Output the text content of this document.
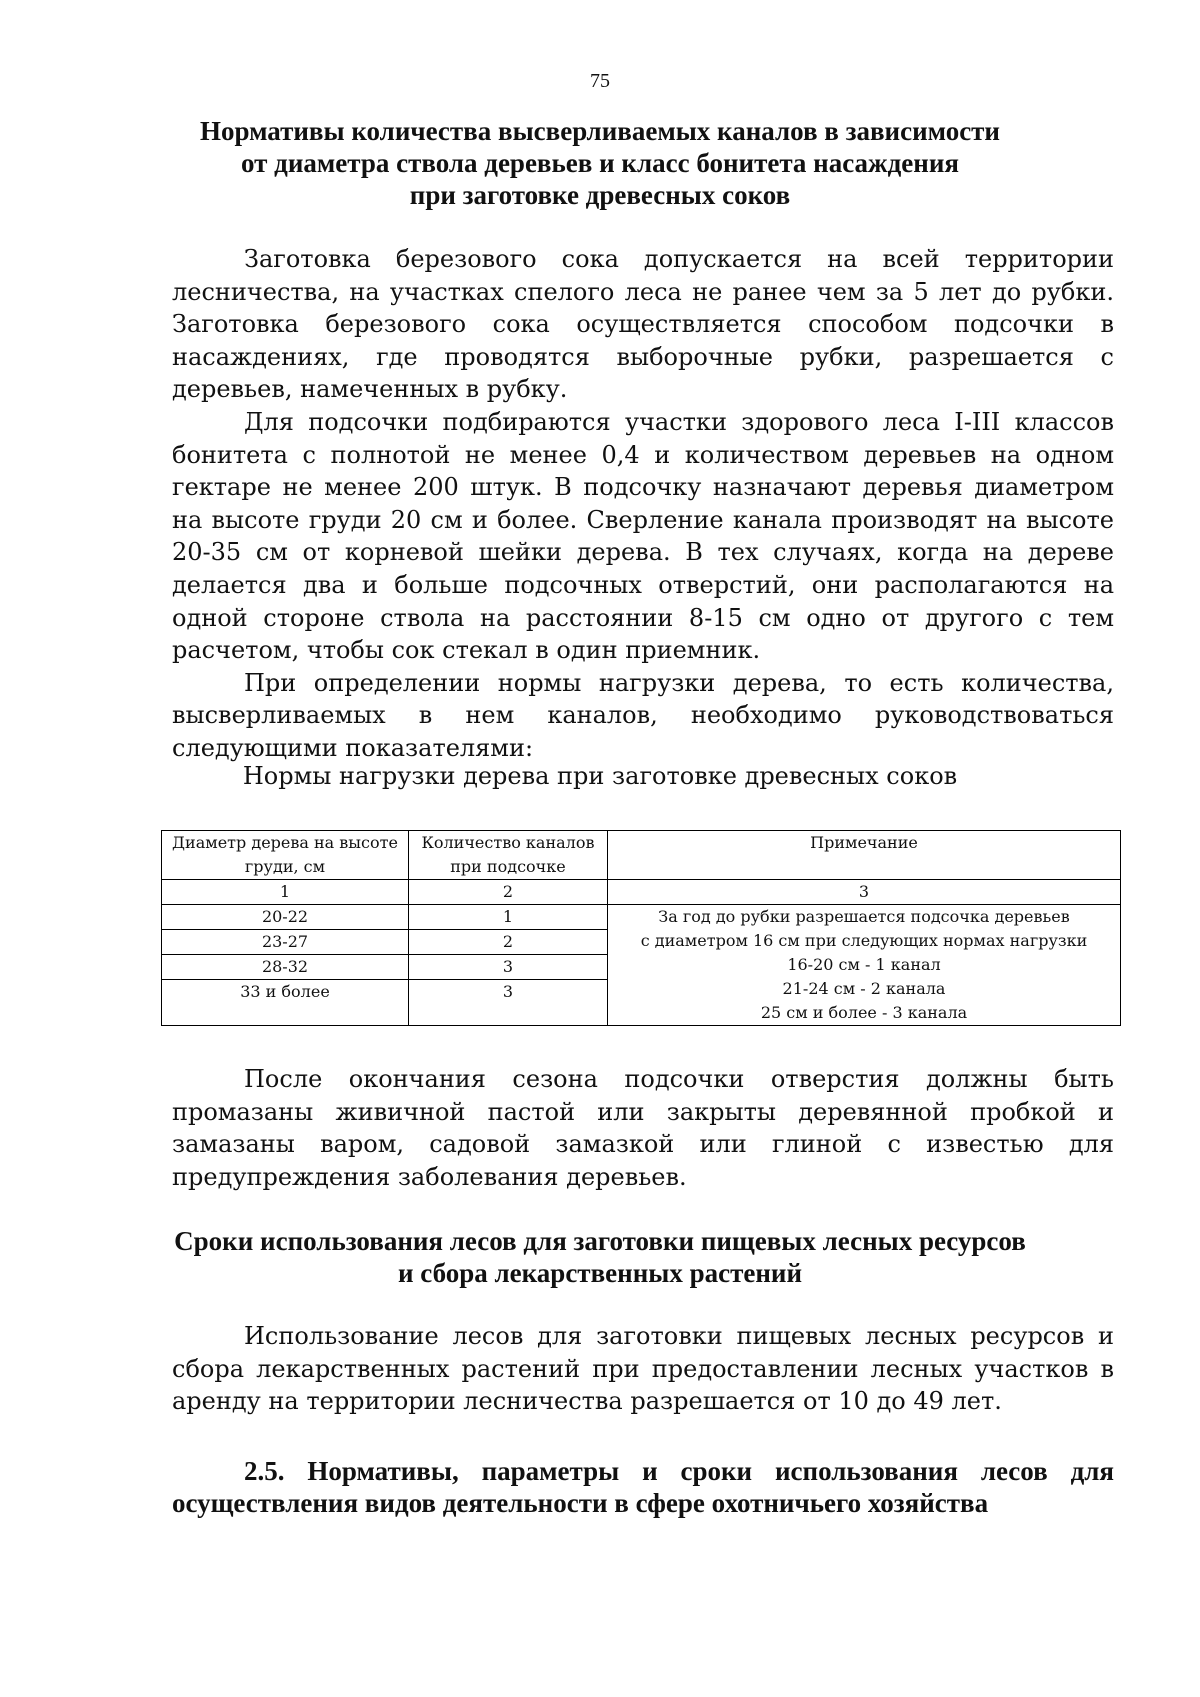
75
Нормативы количества высверливаемых каналов в зависимости
от диаметра ствола деревьев и класс бонитета насаждения
при заготовке древесных соков

Заготовка березового сока допускается на всей территории лесничества, на участках спелого леса не ранее чем за 5 лет до рубки. Заготовка березового сока осуществляется способом подсочки в насаждениях, где проводятся выборочные рубки, разрешается с деревьев, намеченных в рубку.

Для подсочки подбираются участки здорового леса I-III классов бонитета с полнотой не менее 0,4 и количеством деревьев на одном гектаре не менее 200 штук. В подсочку назначают деревья диаметром на высоте груди 20 см и более. Сверление канала производят на высоте 20-35 см от корневой шейки дерева. В тех случаях, когда на дереве делается два и больше подсочных отверстий, они располагаются на одной стороне ствола на расстоянии 8-15 см одно от другого с тем расчетом, чтобы сок стекал в один приемник.

При определении нормы нагрузки дерева, то есть количества, высверливаемых в нем каналов, необходимо руководствоваться следующими показателями:

Нормы нагрузки дерева при заготовке древесных соков
Диаметр дерева на высоте груди, см	Количество каналов при подсочке	Примечание
1	2	3
20-22	1	За год до рубки разрешается подсочка деревьев
с диаметром 16 см при следующих нормах нагрузки
16-20 см - 1 канал
21-24 см - 2 канала
25 см и более - 3 канала

23-27	2	
28-32	3	
33 и более	3	

После окончания сезона подсочки отверстия должны быть промазаны живичной пастой или закрыты деревянной пробкой и замазаны варом, садовой замазкой или глиной с известью для предупреждения заболевания деревьев.

Сроки использования лесов для заготовки пищевых лесных ресурсов
и сбора лекарственных растений

Использование лесов для заготовки пищевых лесных ресурсов и сбора лекарственных растений при предоставлении лесных участков в аренду на территории лесничества разрешается от 10 до 49 лет.

2.5. Нормативы, параметры и сроки использования лесов для
осуществления видов деятельности в сфере охотничьего хозяйства
